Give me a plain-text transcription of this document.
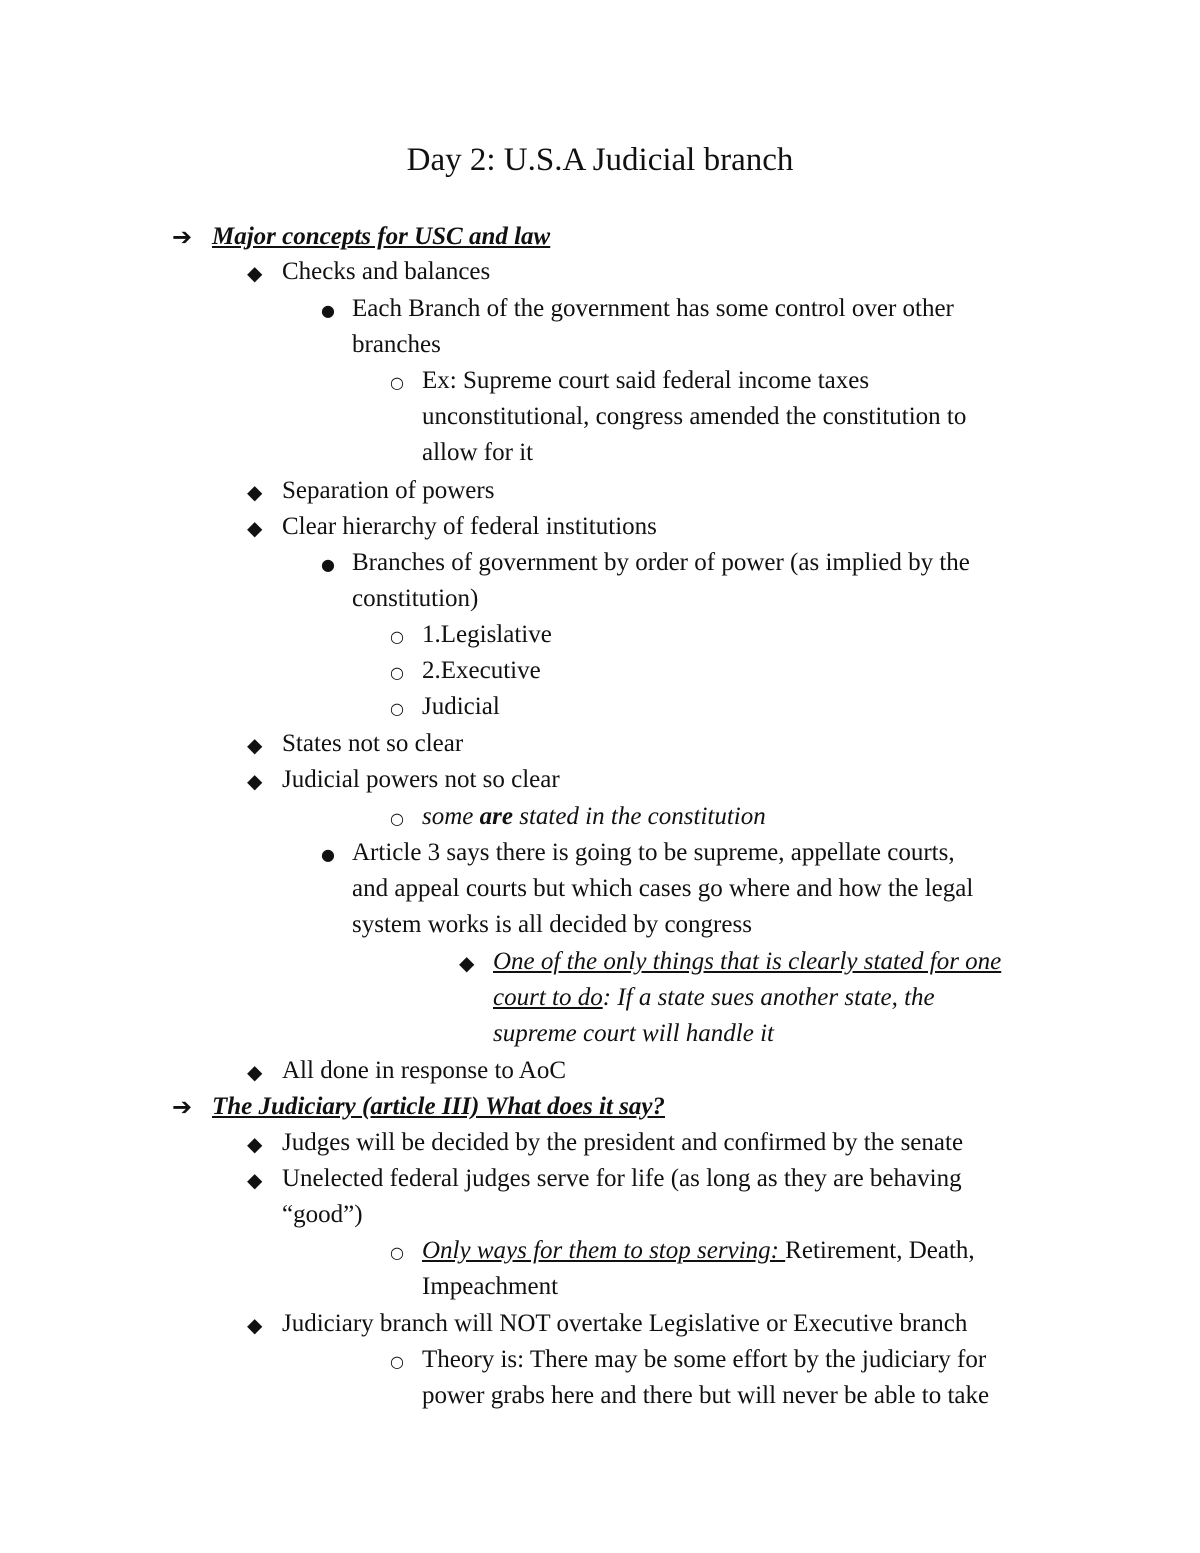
Day 2: U.S.A Judicial branch
➔ Major concepts for USC and law
◆ Checks and balances
● Each Branch of the government has some control over other
branches
○ Ex: Supreme court said federal income taxes
unconstitutional, congress amended the constitution to
allow for it
◆ Separation of powers
◆ Clear hierarchy of federal institutions
● Branches of government by order of power (as implied by the
constitution)
○ 1.Legislative
○ 2.Executive
○ Judicial
◆ States not so clear
◆ Judicial powers not so clear
○ some are stated in the constitution
● Article 3 says there is going to be supreme, appellate courts,
and appeal courts but which cases go where and how the legal
system works is all decided by congress
◆ One of the only things that is clearly stated for one
court to do: If a state sues another state, the
supreme court will handle it
◆ All done in response to AoC
➔ The Judiciary (article III) What does it say?
◆ Judges will be decided by the president and confirmed by the senate
◆ Unelected federal judges serve for life (as long as they are behaving
“good”)
○ Only ways for them to stop serving: Retirement, Death,
Impeachment
◆ Judiciary branch will NOT overtake Legislative or Executive branch
○ Theory is: There may be some effort by the judiciary for
power grabs here and there but will never be able to take
